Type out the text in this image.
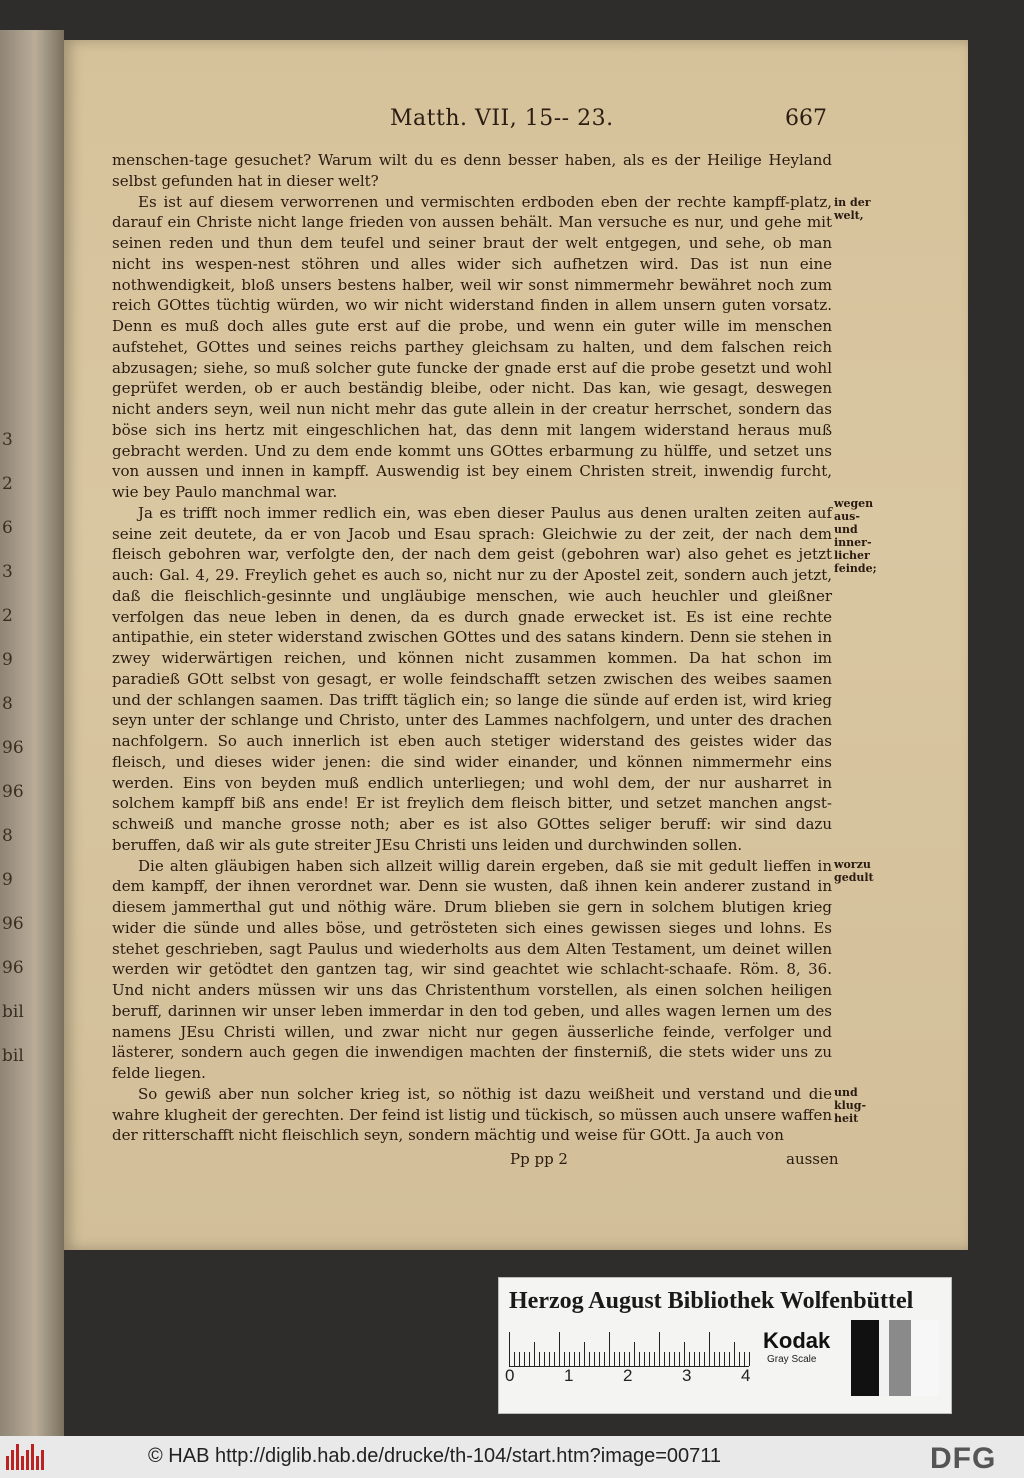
3
2
6
3
2
9
8
96
96
8
9
96
96
bil
bil
Matth. VII, 15-- 23.	667

menschen-tage gesuchet? Warum wilt du es denn besser haben, als es der Heilige Heyland selbst gefunden hat in dieser welt?

Es ist auf diesem verworrenen und vermischten erdboden eben der rechte kampff-platz, darauf ein Christe nicht lange frieden von aussen behält. Man versuche es nur, und gehe mit seinen reden und thun dem teufel und seiner braut der welt entgegen, und sehe, ob man nicht ins wespen-nest stöhren und alles wider sich aufhetzen wird. Das ist nun eine nothwendigkeit, bloß unsers bestens halber, weil wir sonst nimmermehr bewähret noch zum reich GOttes tüchtig würden, wo wir nicht widerstand finden in allem unsern guten vorsatz. Denn es muß doch alles gute erst auf die probe, und wenn ein guter wille im menschen aufstehet, GOttes und seines reichs parthey gleichsam zu halten, und dem falschen reich abzusagen; siehe, so muß solcher gute funcke der gnade erst auf die probe gesetzt und wohl geprüfet werden, ob er auch beständig bleibe, oder nicht. Das kan, wie gesagt, deswegen nicht anders seyn, weil nun nicht mehr das gute allein in der creatur herrschet, sondern das böse sich ins hertz mit eingeschlichen hat, das denn mit langem widerstand heraus muß gebracht werden. Und zu dem ende kommt uns GOttes erbarmung zu hülffe, und setzet uns von aussen und innen in kampff. Auswendig ist bey einem Christen streit, inwendig furcht, wie bey Paulo manchmal war.

Ja es trifft noch immer redlich ein, was eben dieser Paulus aus denen uralten zeiten auf seine zeit deutete, da er von Jacob und Esau sprach: Gleichwie zu der zeit, der nach dem fleisch gebohren war, verfolgte den, der nach dem geist (gebohren war) also gehet es jetzt auch: Gal. 4, 29. Freylich gehet es auch so, nicht nur zu der Apostel zeit, sondern auch jetzt, daß die fleischlich-gesinnte und ungläubige menschen, wie auch heuchler und gleißner verfolgen das neue leben in denen, da es durch gnade erwecket ist. Es ist eine rechte antipathie, ein steter widerstand zwischen GOttes und des satans kindern. Denn sie stehen in zwey widerwärtigen reichen, und können nicht zusammen kommen. Da hat schon im paradieß GOtt selbst von gesagt, er wolle feindschafft setzen zwischen des weibes saamen und der schlangen saamen. Das trifft täglich ein; so lange die sünde auf erden ist, wird krieg seyn unter der schlange und Christo, unter des Lammes nachfolgern, und unter des drachen nachfolgern. So auch innerlich ist eben auch stetiger widerstand des geistes wider das fleisch, und dieses wider jenen: die sind wider einander, und können nimmermehr eins werden. Eins von beyden muß endlich unterliegen; und wohl dem, der nur ausharret in solchem kampff biß ans ende! Er ist freylich dem fleisch bitter, und setzet manchen angst-schweiß und manche grosse noth; aber es ist also GOttes seliger beruff: wir sind dazu beruffen, daß wir als gute streiter JEsu Christi uns leiden und durchwinden sollen.

Die alten gläubigen haben sich allzeit willig darein ergeben, daß sie mit gedult lieffen in dem kampff, der ihnen verordnet war. Denn sie wusten, daß ihnen kein anderer zustand in diesem jammerthal gut und nöthig wäre. Drum blieben sie gern in solchem blutigen krieg wider die sünde und alles böse, und getrösteten sich eines gewissen sieges und lohns. Es stehet geschrieben, sagt Paulus und wiederholts aus dem Alten Testament, um deinet willen werden wir getödtet den gantzen tag, wir sind geachtet wie schlacht-schaafe. Röm. 8, 36. Und nicht anders müssen wir uns das Christenthum vorstellen, als einen solchen heiligen beruff, darinnen wir unser leben immerdar in den tod geben, und alles wagen lernen um des namens JEsu Christi willen, und zwar nicht nur gegen äusserliche feinde, verfolger und lästerer, sondern auch gegen die inwendigen machten der finsterniß, die stets wider uns zu felde liegen.

So gewiß aber nun solcher krieg ist, so nöthig ist dazu weißheit und verstand und die wahre klugheit der gerechten. Der feind ist listig und tückisch, so müssen auch unsere waffen der ritterschafft nicht fleischlich seyn, sondern mächtig und weise für GOtt. Ja auch von

in der welt,
wegen aus- und inner- licher feinde;
worzu gedult
und klug- heit
Pp pp 2	aussen
Herzog August Bibliothek Wolfenbüttel
0	1	2	3	4
Kodak
Gray Scale
© HAB http://diglib.hab.de/drucke/th-104/start.htm?image=00711	DFG
